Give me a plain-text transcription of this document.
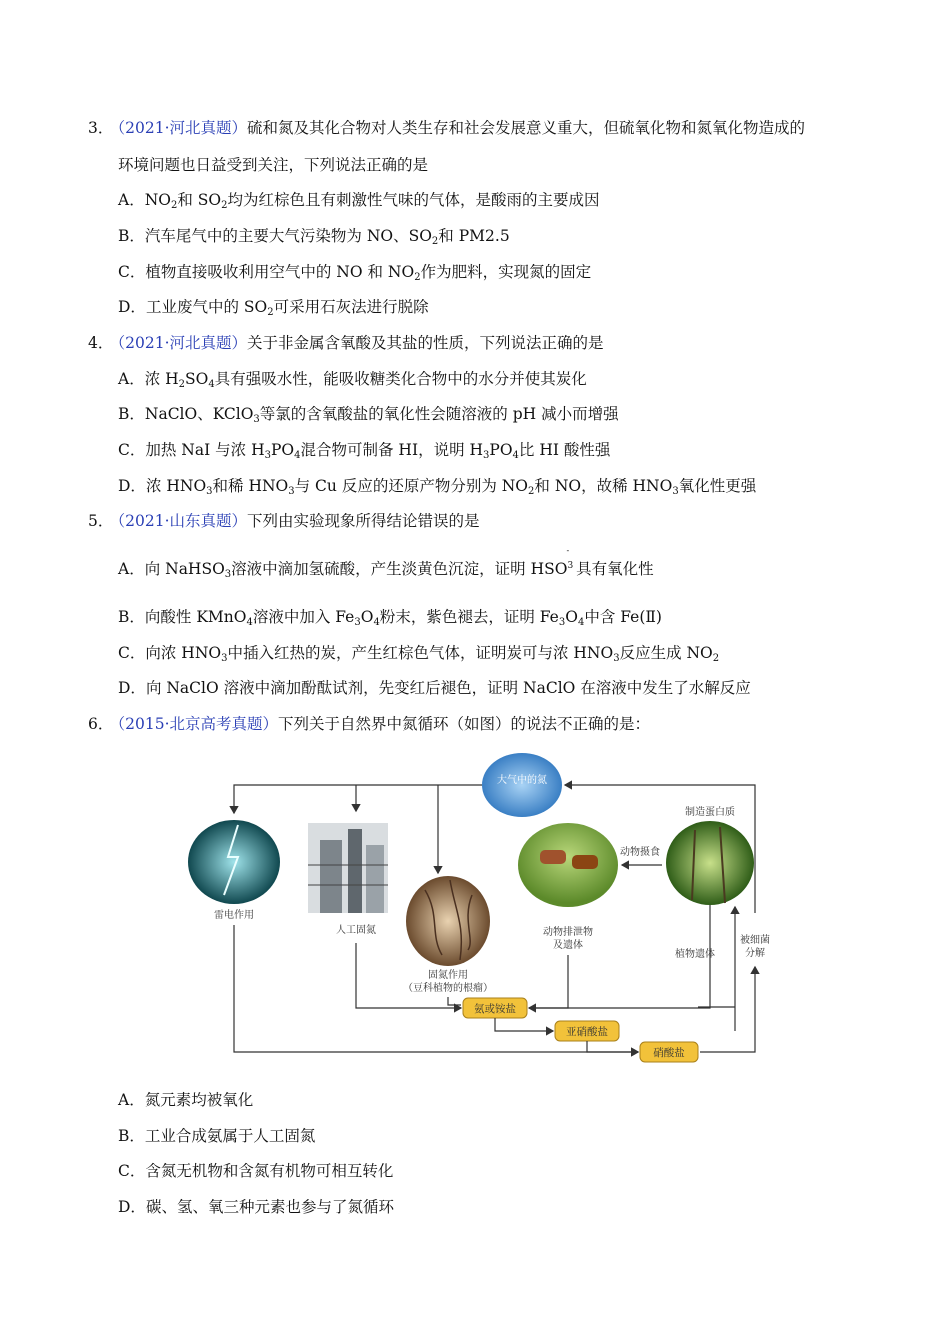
3． （2021·河北真题）硫和氮及其化合物对人类生存和社会发展意义重大，但硫氧化物和氮氧化物造成的
环境问题也日益受到关注，下列说法正确的是
A．$NO_2$和 $SO_2$均为红棕色且有刺激性气味的气体，是酸雨的主要成因
B．汽车尾气中的主要大气污染物为 NO、$SO_2$和 PM2.5
C．植物直接吸收利用空气中的 NO 和 $NO_2$作为肥料，实现氮的固定
D．工业废气中的 $SO_2$可采用石灰法进行脱除
4． （2021·河北真题）关于非金属含氧酸及其盐的性质，下列说法正确的是
A．浓 $H_2SO_4$具有强吸水性，能吸收糖类化合物中的水分并使其炭化
B．NaClO、KClO$_3$等氯的含氧酸盐的氧化性会随溶液的 pH 减小而增强
C．加热 NaI 与浓 $H_3PO_4$混合物可制备 HI，说明 $H_3PO_4$比 HI 酸性强
D．浓 $HNO_3$和稀 $HNO_3$与 Cu 反应的还原产物分别为 $NO_2$和 NO，故稀 $HNO_3$氧化性更强
5． （2021·山东真题）下列由实验现象所得结论错误的是
A．向 NaHSO$_3$溶液中滴加氢硫酸，产生淡黄色沉淀，证明 $HSO^{3 -}$
具有氧化性
B．向酸性 KMnO$_4$溶液中加入 $Fe_3O_4$粉末，紫色褪去，证明 $Fe_3O_4$中含 Fe(Ⅱ)
C．向浓 $HNO_3$中插入红热的炭，产生红棕色气体，证明炭可与浓 $HNO_3$反应生成 $NO_2$
D．向 NaClO 溶液中滴加酚酞试剂，先变红后褪色，证明 NaClO 在溶液中发生了水解反应
6． （2015·北京高考真题）下列关于自然界中氮循环（如图）的说法不正确的是：
大气中的氮
雷电作用
人工固氮
固氮作用
（豆科植物的根瘤）
动物排泄物
及遗体
制造蛋白质
动物摄食
植物遗体
被细菌
分解
氨或铵盐
亚硝酸盐
硝酸盐
A．氮元素均被氧化
B．工业合成氨属于人工固氮
C．含氮无机物和含氮有机物可相互转化
D．碳、氢、氧三种元素也参与了氮循环
